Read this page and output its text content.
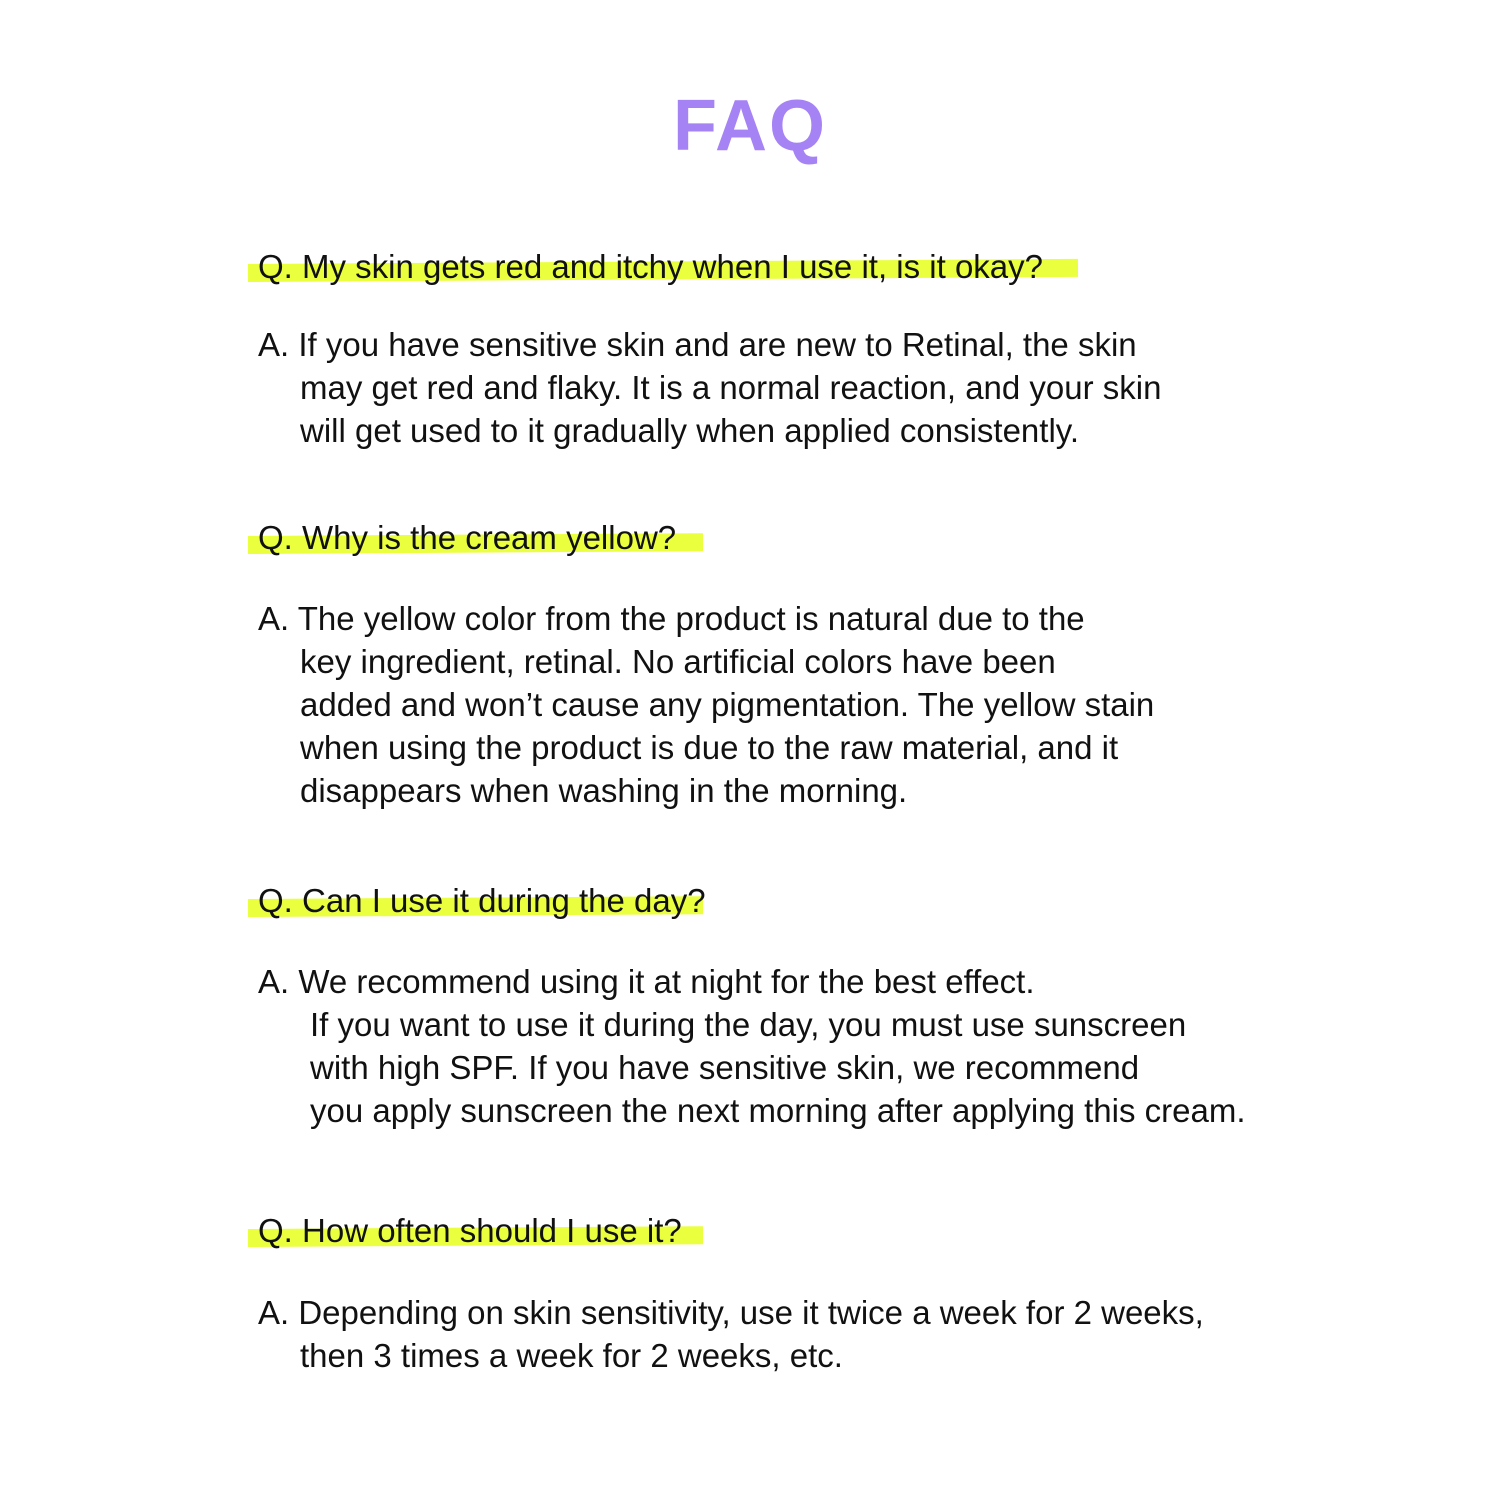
FAQ

Q. My skin gets red and itchy when I use it, is it okay?

A. If you have sensitive skin and are new to Retinal, the skin
may get red and flaky. It is a normal reaction, and your skin
will get used to it gradually when applied consistently.

Q. Why is the cream yellow?

A. The yellow color from the product is natural due to the
key ingredient, retinal. No artificial colors have been
added and won’t cause any pigmentation. The yellow stain
when using the product is due to the raw material, and it
disappears when washing in the morning.

Q. Can I use it during the day?

A. We recommend using it at night for the best effect.
If you want to use it during the day, you must use sunscreen
with high SPF. If you have sensitive skin, we recommend
you apply sunscreen the next morning after applying this cream.

Q. How often should I use it?

A. Depending on skin sensitivity, use it twice a week for 2 weeks,
then 3 times a week for 2 weeks, etc.
